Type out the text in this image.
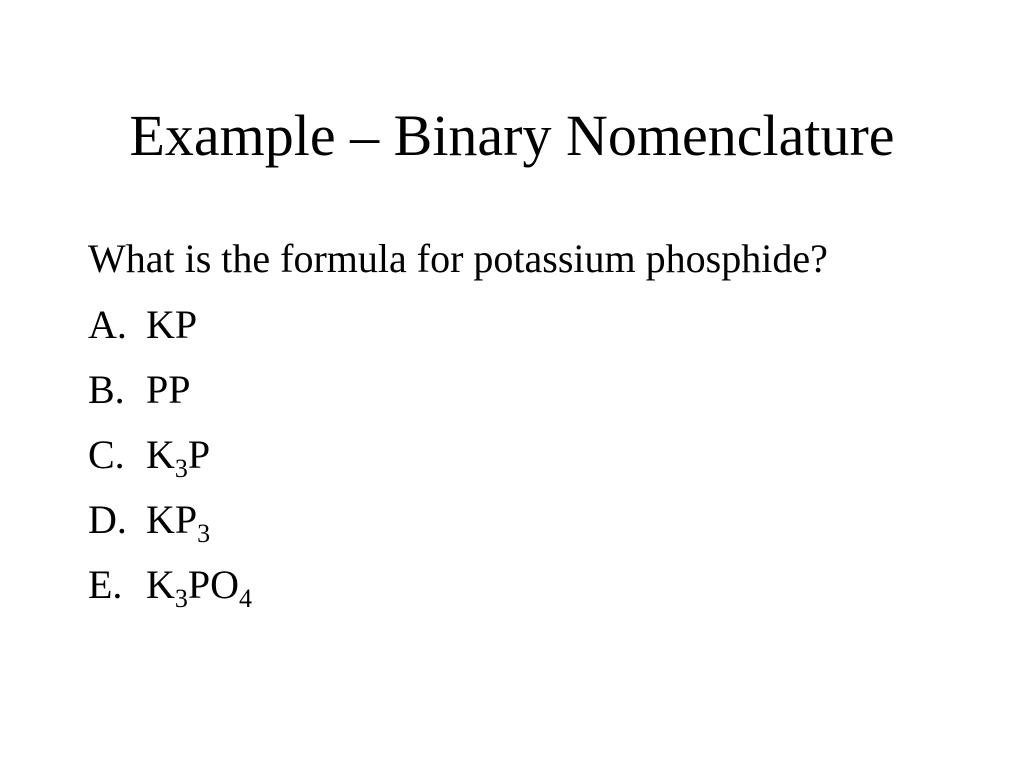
Example – Binary Nomenclature
What is the formula for potassium phosphide?
A. KP
B. PP
C. $K_3P$
D. $KP_3$
E. $K_3PO_4$
